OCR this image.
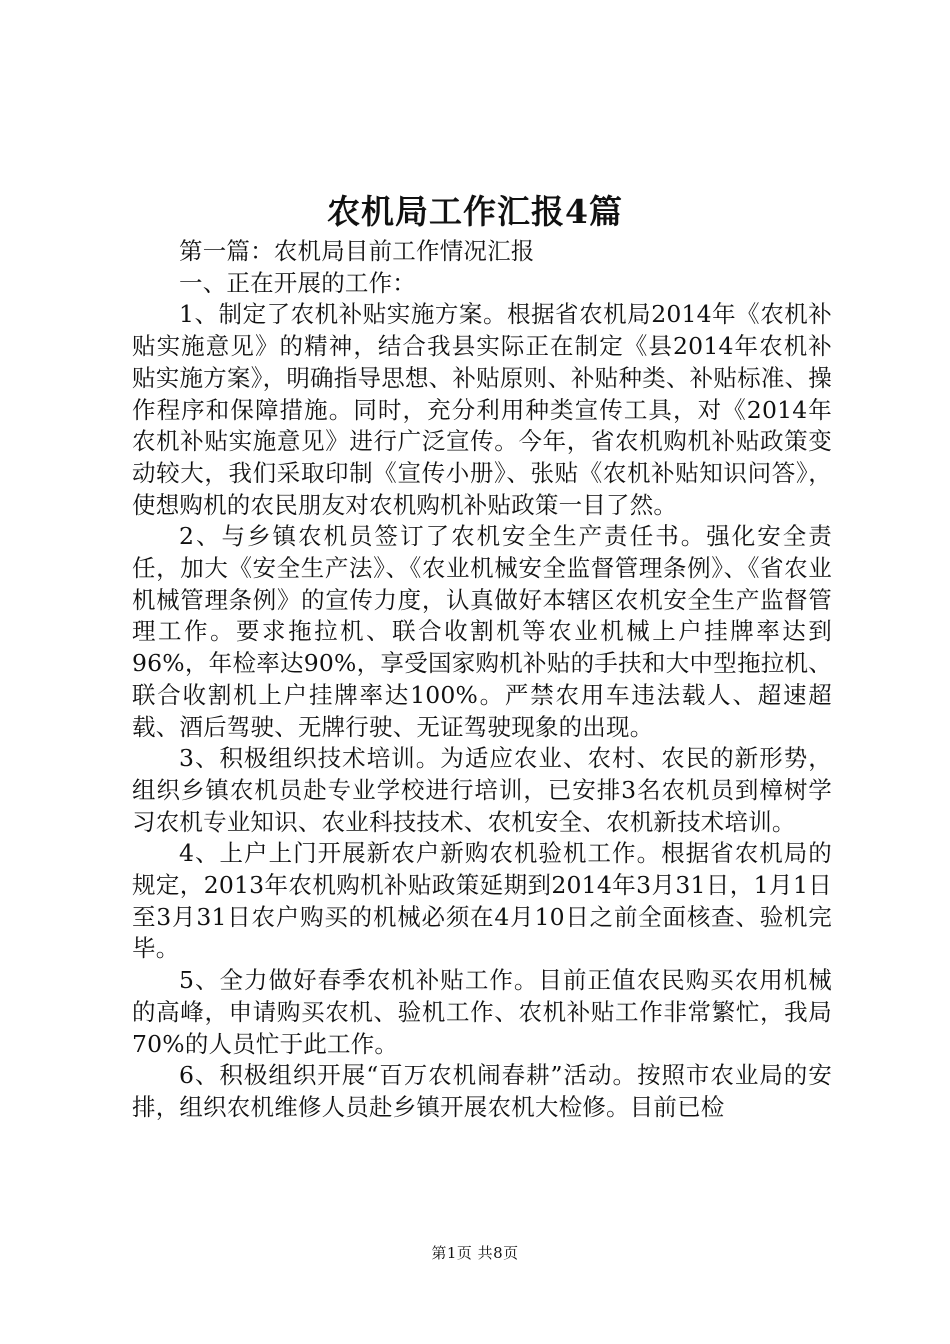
农机局工作汇报4篇

第一篇：农机局目前工作情况汇报

一、正在开展的工作：

1、制定了农机补贴实施方案。根据省农机局2014年《农机补贴实施意见》的精神，结合我县实际正在制定《县2014年农机补贴实施方案》，明确指导思想、补贴原则、补贴种类、补贴标准、操作程序和保障措施。同时，充分利用种类宣传工具，对《2014年农机补贴实施意见》进行广泛宣传。今年，省农机购机补贴政策变动较大，我们采取印制《宣传小册》、张贴《农机补贴知识问答》，使想购机的农民朋友对农机购机补贴政策一目了然。

2、与乡镇农机员签订了农机安全生产责任书。强化安全责任，加大《安全生产法》、《农业机械安全监督管理条例》、《省农业机械管理条例》的宣传力度，认真做好本辖区农机安全生产监督管理工作。要求拖拉机、联合收割机等农业机械上户挂牌率达到96%，年检率达90%，享受国家购机补贴的手扶和大中型拖拉机、联合收割机上户挂牌率达100%。严禁农用车违法载人、超速超载、酒后驾驶、无牌行驶、无证驾驶现象的出现。

3、积极组织技术培训。为适应农业、农村、农民的新形势，组织乡镇农机员赴专业学校进行培训，已安排3名农机员到樟树学习农机专业知识、农业科技技术、农机安全、农机新技术培训。

4、上户上门开展新农户新购农机验机工作。根据省农机局的规定，2013年农机购机补贴政策延期到2014年3月31日，1月1日至3月31日农户购买的机械必须在4月10日之前全面核查、验机完毕。

5、全力做好春季农机补贴工作。目前正值农民购买农用机械的高峰，申请购买农机、验机工作、农机补贴工作非常繁忙，我局70%的人员忙于此工作。

6、积极组织开展“百万农机闹春耕”活动。按照市农业局的安排，组织农机维修人员赴乡镇开展农机大检修。目前已检

第1页 共8页
